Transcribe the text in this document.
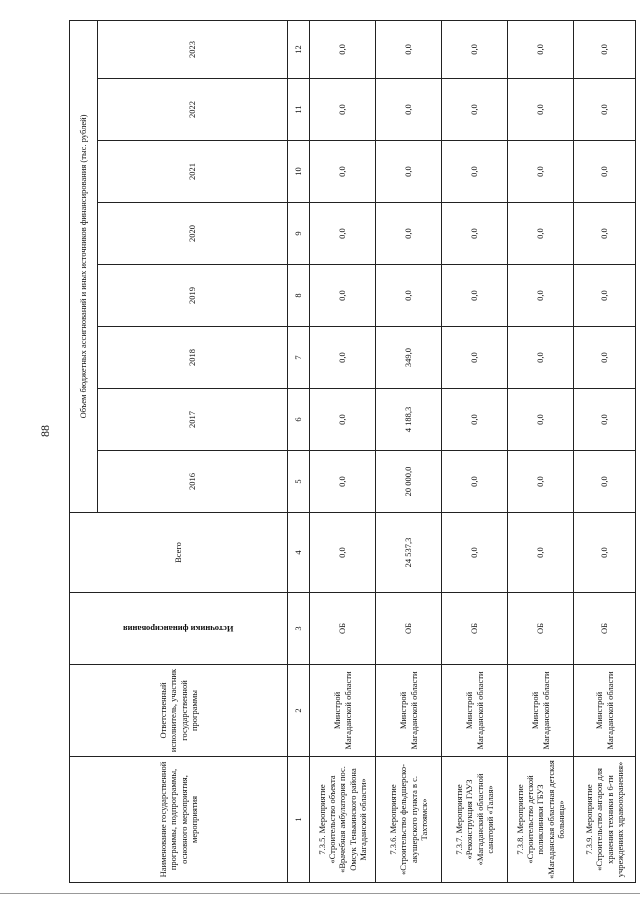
88
Наименование государственной программы, подпрограммы, основного мероприятия, мероприятия	Ответственный исполнитель, участник государственной программы	Источники финансирования	Всего	Объем бюджетных ассигнований и иных источников финансирования (тыс. рублей)							
				2016	2017	2018	2019	2020	2021	2022	2023
1	2	3	4	5	6	7	8	9	10	11	12
7.3.5. Мероприятие «Строительство объекта «Врачебная амбулатория пос. Омсук Тенькинского района Магаданской области»	Минстрой Магаданской области	ОБ	0,0	0,0	0,0	0,0	0,0	0,0	0,0	0,0	0,0
7.3.6. Мероприятие «Строительство фельдшерско-акушерского пункта в с. Тахтоямск»	Минстрой Магаданской области	ОБ	24 537,3	20 000,0	4 188,3	349,0	0,0	0,0	0,0	0,0	0,0
7.3.7. Мероприятие «Реконструкция ГАУЗ «Магаданский областной санаторий «Талая»	Минстрой Магаданской области	ОБ	0,0	0,0	0,0	0,0	0,0	0,0	0,0	0,0	0,0
7.3.8. Мероприятие «Строительство детской поликлиники ГБУЗ «Магаданская областная детская больница»	Минстрой Магаданской области	ОБ	0,0	0,0	0,0	0,0	0,0	0,0	0,0	0,0	0,0
7.3.9. Мероприятие «Строительство ангаров для хранения техники в 6-ти учреждениях здравоохранения»	Минстрой Магаданской области	ОБ	0,0	0,0	0,0	0,0	0,0	0,0	0,0	0,0	0,0
